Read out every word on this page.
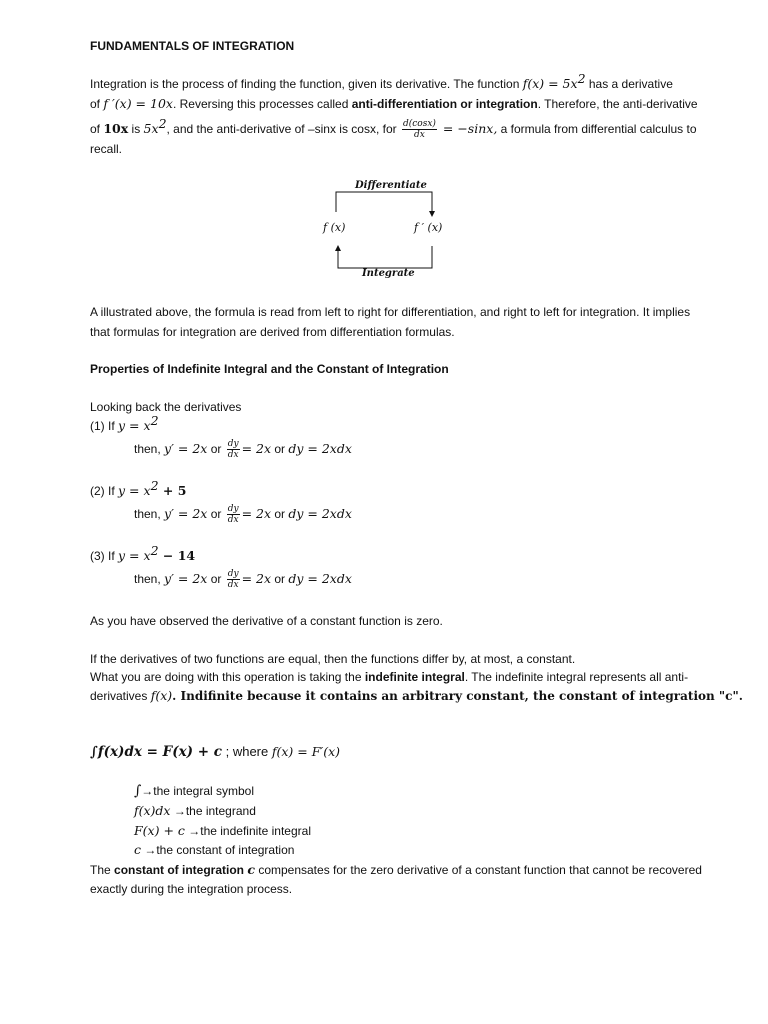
FUNDAMENTALS OF INTEGRATION
Integration is the process of finding the function, given its derivative. The function $f(x) = 5x^2$ has a derivative
of f ′(x) = 10x. Reversing this processes called anti-differentiation or integration. Therefore, the anti-derivative
of 10x is $5x^2$, and the anti-derivative of –sinx is cosx, for $\frac{d(\cos x)}{dx} = -\sin x$, a formula from differential calculus to
recall.
Differentiate
f (x)	f ′ (x)
Integrate
A illustrated above, the formula is read from left to right for differentiation, and right to left for integration. It implies
that formulas for integration are derived from differentiation formulas.
Properties of Indefinite Integral and the Constant of Integration
Looking back the derivatives
(1) If $y = x^2$
then, y′ = 2x or $\frac{dy}{dx} = 2x$ or dy = 2xdx
(2) If $y = x^2 + 5$
then, y′ = 2x or $\frac{dy}{dx} = 2x$ or dy = 2xdx
(3) If $y = x^2 - 14$
then, y′ = 2x or $\frac{dy}{dx} = 2x$ or dy = 2xdx
As you have observed the derivative of a constant function is zero.
If the derivatives of two functions are equal, then the functions differ by, at most, a constant.
What you are doing with this operation is taking the indefinite integral. The indefinite integral represents all anti-
derivatives f(x). Indifinite because it contains an arbitrary constant, the constant of integration "c".
∫f(x)dx = F(x) + c ; where f(x) = F′(x)
∫→the integral symbol
f(x)dx →the integrand
F(x) + c →the indefinite integral
c →the constant of integration
The constant of integration c compensates for the zero derivative of a constant function that cannot be recovered
exactly during the integration process.
